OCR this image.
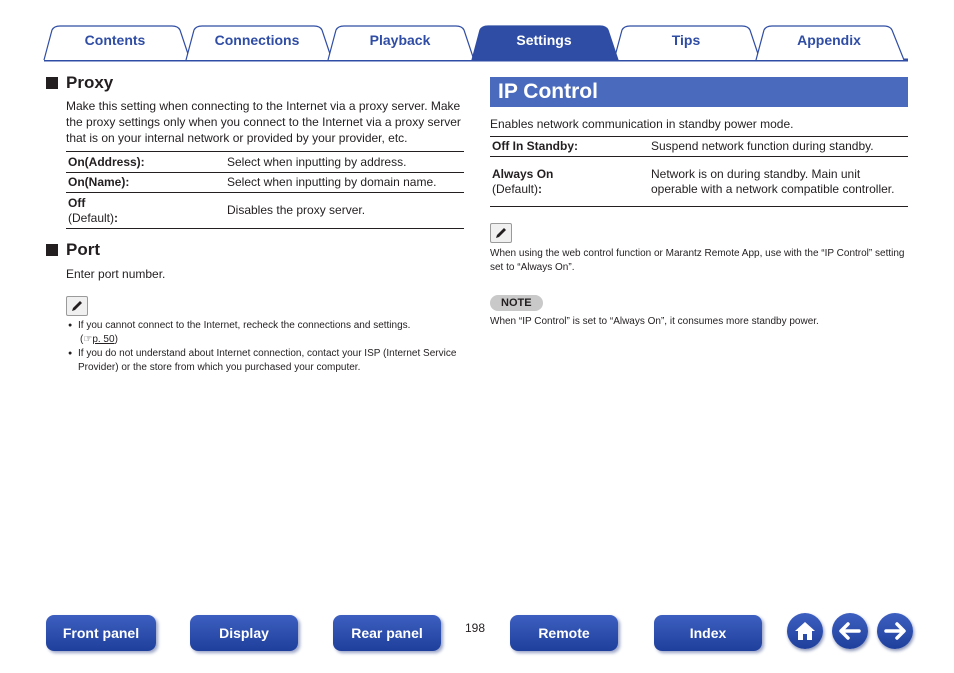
Contents	Connections	Playback	Settings	Tips	Appendix
Proxy

Make this setting when connecting to the Internet via a proxy server. Make the proxy settings only when you connect to the Internet via a proxy server that is on your internal network or provided by your provider, etc.

On(Address):	Select when inputting by address.
On(Name):	Select when inputting by domain name.

Off
(Default):	Disables the proxy server.
Port

Enter port number.

● If you cannot connect to the Internet, recheck the connections and settings.
(☞p. 50)
● If you do not understand about Internet connection, contact your ISP (Internet Service Provider) or the store from which you purchased your computer.
IP Control

Enables network communication in standby power mode.

Off In Standby:	Suspend network function during standby.

Always On
(Default):	Network is on during standby. Main unit operable with a network compatible controller.

When using the web control function or Marantz Remote App, use with the “IP Control” setting set to “Always On”.

NOTE

When “IP Control” is set to “Always On”, it consumes more standby power.

Front panel	Display	Rear panel	198	Remote	Index
